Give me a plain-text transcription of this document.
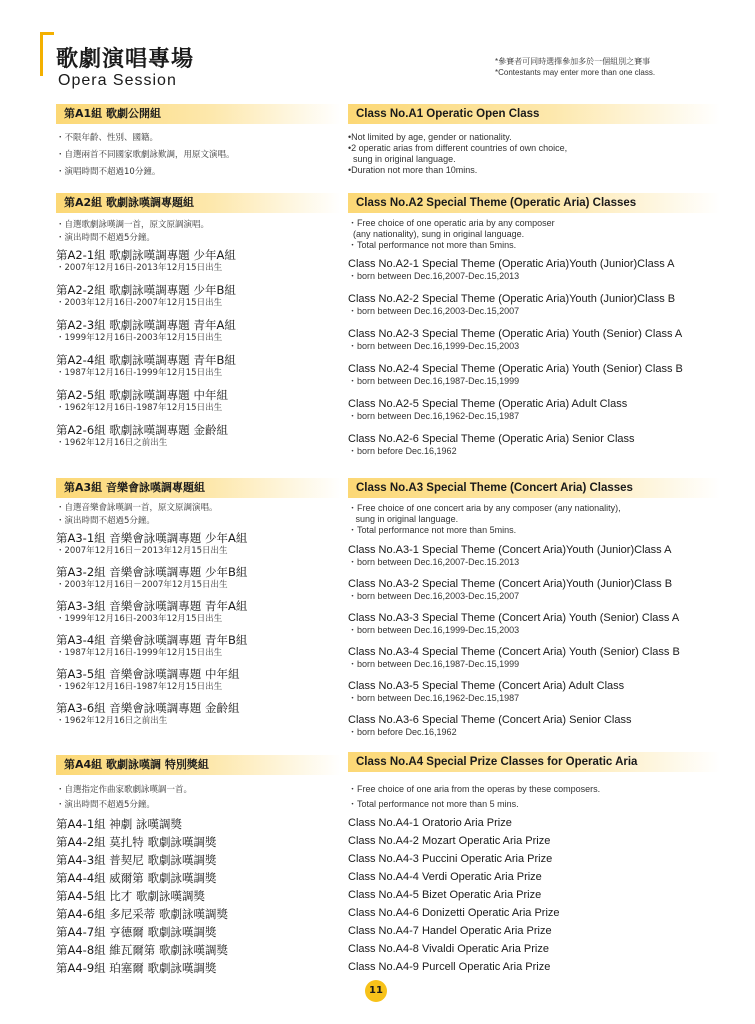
歌劇演唱專場
Opera Session
*參賽者可同時選擇參加多於一個組別之賽事
*Contestants may enter more than one class.
第A1組 歌劇公開組
・不限年齡、性別、國籍。
・自選兩首不同國家歌劇詠歎調，用原文演唱。
・演唱時間不超過10分鐘。
Class No.A1 Operatic Open Class
•Not limited by age, gender or nationality.
•2 operatic arias from different countries of own choice,
sung in original language.
•Duration not more than 10mins.
第A2組 歌劇詠嘆調專題組
・自選歌劇詠嘆調一首，原文原調演唱。
・演出時間不超過5分鐘。
第A2-1組 歌劇詠嘆調專題 少年A組
・2007年12月16日-2013年12月15日出生
第A2-2組 歌劇詠嘆調專題 少年B組
・2003年12月16日-2007年12月15日出生
第A2-3組 歌劇詠嘆調專題 青年A組
・1999年12月16日-2003年12月15日出生
第A2-4組 歌劇詠嘆調專題 青年B組
・1987年12月16日-1999年12月15日出生
第A2-5組 歌劇詠嘆調專題 中年組
・1962年12月16日-1987年12月15日出生
第A2-6組 歌劇詠嘆調專題 金齡組
・1962年12月16日之前出生
Class No.A2 Special Theme (Operatic Aria) Classes
・Free choice of one operatic aria by any composer
(any nationality), sung in original language.
・Total performance not more than 5mins.
Class No.A2-1 Special Theme (Operatic Aria)Youth (Junior)Class A
・born between Dec.16,2007-Dec.15,2013
Class No.A2-2 Special Theme (Operatic Aria)Youth (Junior)Class B
・born between Dec.16,2003-Dec.15,2007
Class No.A2-3 Special Theme (Operatic Aria) Youth (Senior) Class A
・born between Dec.16,1999-Dec.15,2003
Class No.A2-4 Special Theme (Operatic Aria) Youth (Senior) Class B
・born between Dec.16,1987-Dec.15,1999
Class No.A2-5 Special Theme (Operatic Aria) Adult Class
・born between Dec.16,1962-Dec.15,1987
Class No.A2-6 Special Theme (Operatic Aria) Senior Class
・born before Dec.16,1962
第A3組 音樂會詠嘆調專題組
・自選音樂會詠嘆調一首，原文原調演唱。
・演出時間不超過5分鐘。
第A3-1組 音樂會詠嘆調專題 少年A組
・2007年12月16日－2013年12月15日出生
第A3-2組 音樂會詠嘆調專題 少年B組
・2003年12月16日－2007年12月15日出生
第A3-3組 音樂會詠嘆調專題 青年A組
・1999年12月16日-2003年12月15日出生
第A3-4組 音樂會詠嘆調專題 青年B組
・1987年12月16日-1999年12月15日出生
第A3-5組 音樂會詠嘆調專題 中年組
・1962年12月16日-1987年12月15日出生
第A3-6組 音樂會詠嘆調專題 金齡組
・1962年12月16日之前出生
Class No.A3 Special Theme (Concert Aria) Classes
・Free choice of one concert aria by any composer (any nationality),
sung in original language.
・Total performance not more than 5mins.
Class No.A3-1 Special Theme (Concert Aria)Youth (Junior)Class A
・born between Dec.16,2007-Dec.15.2013
Class No.A3-2 Special Theme (Concert Aria)Youth (Junior)Class B
・born between Dec.16,2003-Dec.15,2007
Class No.A3-3 Special Theme (Concert Aria) Youth (Senior) Class A
・born between Dec.16,1999-Dec.15,2003
Class No.A3-4 Special Theme (Concert Aria) Youth (Senior) Class B
・born between Dec.16,1987-Dec.15,1999
Class No.A3-5 Special Theme (Concert Aria) Adult Class
・born between Dec.16,1962-Dec.15,1987
Class No.A3-6 Special Theme (Concert Aria) Senior Class
・born before Dec.16,1962
第A4組 歌劇詠嘆調 特別獎組
・自選指定作曲家歌劇詠嘆調一首。
・演出時間不超過5分鐘。
第A4-1組 神劇 詠嘆調獎
第A4-2組 莫扎特 歌劇詠嘆調獎
第A4-3組 普契尼 歌劇詠嘆調獎
第A4-4組 威爾第 歌劇詠嘆調獎
第A4-5組 比才 歌劇詠嘆調獎
第A4-6組 多尼采蒂 歌劇詠嘆調獎
第A4-7組 亨德爾 歌劇詠嘆調獎
第A4-8組 維瓦爾第 歌劇詠嘆調獎
第A4-9組 珀塞爾 歌劇詠嘆調獎
Class No.A4 Special Prize Classes for Operatic Aria
・Free choice of one aria from the operas by these composers.
・Total performance not more than 5 mins.
Class No.A4-1 Oratorio Aria Prize
Class No.A4-2 Mozart Operatic Aria Prize
Class No.A4-3 Puccini Operatic Aria Prize
Class No.A4-4 Verdi Operatic Aria Prize
Class No.A4-5 Bizet Operatic Aria Prize
Class No.A4-6 Donizetti Operatic Aria Prize
Class No.A4-7 Handel Operatic Aria Prize
Class No.A4-8 Vivaldi Operatic Aria Prize
Class No.A4-9 Purcell Operatic Aria Prize
11
